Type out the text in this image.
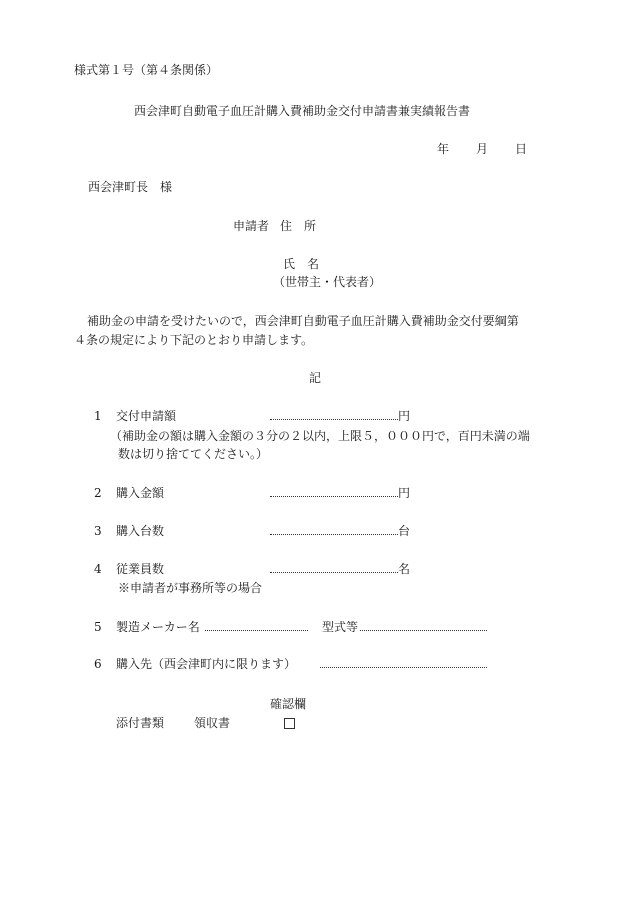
様式第１号（第４条関係）
西会津町自動電子血圧計購入費補助金交付申請書兼実績報告書
年 月 日
西会津町長　様
申請者 住　所
氏　名
（世帯主・代表者）
補助金の申請を受けたいので，西会津町自動電子血圧計購入費補助金交付要綱第
４条の規定により下記のとおり申請します。
記
1 交付申請額	円
（補助金の額は購入金額の３分の２以内，上限５，０００円で，百円未満の端
数は切り捨ててください。）
2 購入金額	円
3 購入台数	台
4 従業員数	名
※申請者が事務所等の場合
5 製造メーカー名	型式等
6 購入先（西会津町内に限ります）
確認欄
添付書類 領収書
